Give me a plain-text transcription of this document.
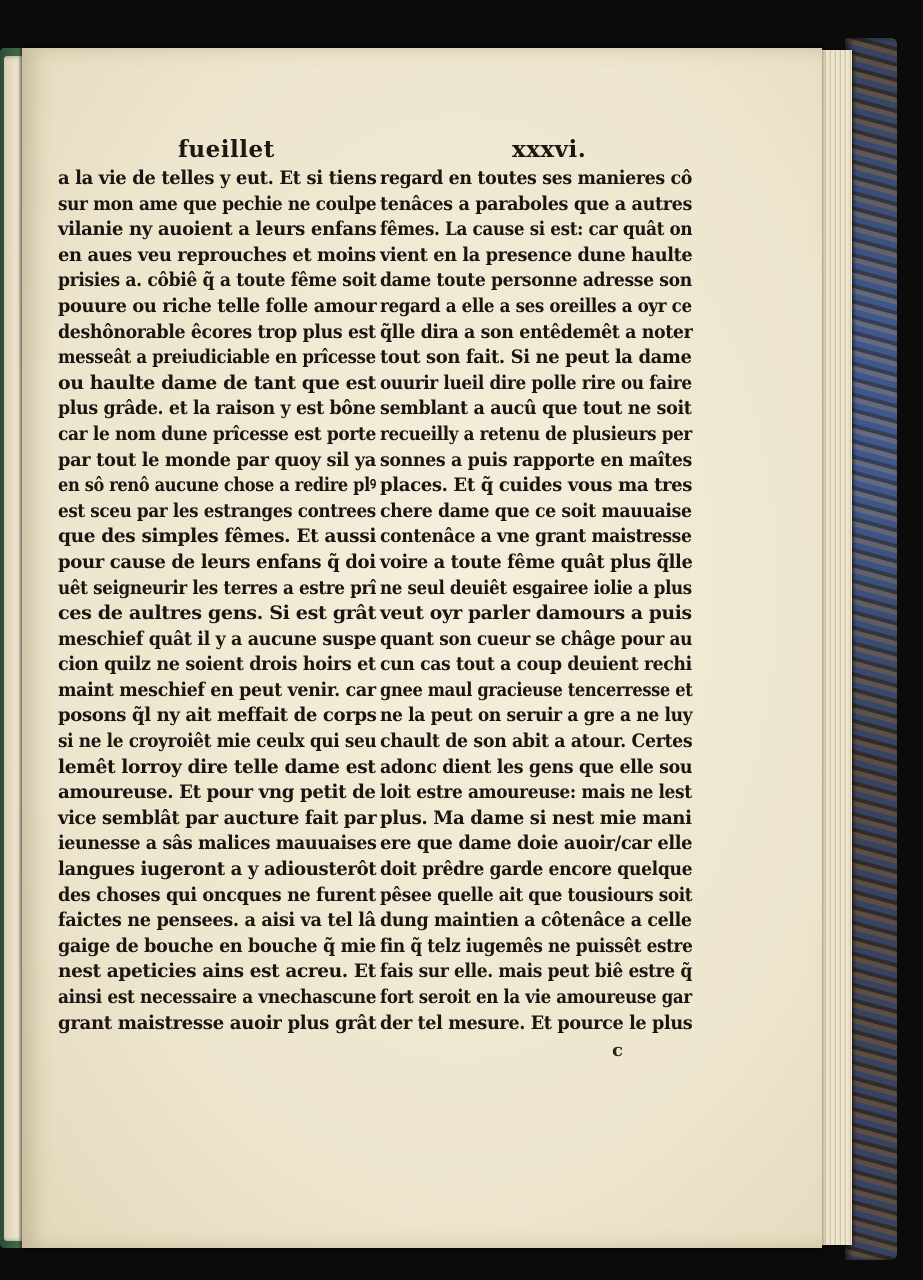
fueillet	xxxvi.
a la vie de telles y eut. Et si tiens
sur mon ame que pechie ne coulpe
vilanie ny auoient a leurs enfans
en aues veu reprouches et moins
prisies a. côbiê q̃ a toute fême soit
pouure ou riche telle folle amour
deshônorable êcores trop plus est
messeât a preiudiciable en prîcesse
ou haulte dame de tant que est
plus grâde. et la raison y est bône
car le nom dune prîcesse est porte
par tout le monde par quoy sil ya
en sô renô aucune chose a redire plꝰ
est sceu par les estranges contrees
que des simples fêmes. Et aussi
pour cause de leurs enfans q̃ doi
uêt seigneurir les terres a estre prî
ces de aultres gens. Si est grât
meschief quât il y a aucune suspe
cion quilz ne soient drois hoirs et
maint meschief en peut venir. car
posons q̃l ny ait meffait de corps
si ne le croyroiêt mie ceulx qui seu
lemêt lorroy dire telle dame est
amoureuse. Et pour vng petit de
vice semblât par aucture fait par
ieunesse a sâs malices mauuaises
langues iugeront a y adiousterôt
des choses qui oncques ne furent
faictes ne pensees. a aisi va tel lâ
gaige de bouche en bouche q̃ mie
nest apeticies ains est acreu. Et
ainsi est necessaire a vnechascune
grant maistresse auoir plus grât
regard en toutes ses manieres cô
tenâces a paraboles que a autres
fêmes. La cause si est: car quât on
vient en la presence dune haulte
dame toute personne adresse son
regard a elle a ses oreilles a oyr ce
q̃lle dira a son entêdemêt a noter
tout son fait. Si ne peut la dame
ouurir lueil dire polle rire ou faire
semblant a aucû que tout ne soit
recueilly a retenu de plusieurs per
sonnes a puis rapporte en maîtes
places. Et q̃ cuides vous ma tres
chere dame que ce soit mauuaise
contenâce a vne grant maistresse
voire a toute fême quât plus q̃lle
ne seul deuiêt esgairee iolie a plus
veut oyr parler damours a puis
quant son cueur se châge pour au
cun cas tout a coup deuient rechi
gnee maul gracieuse tencerresse et
ne la peut on seruir a gre a ne luy
chault de son abit a atour. Certes
adonc dient les gens que elle sou
loit estre amoureuse: mais ne lest
plus. Ma dame si nest mie mani
ere que dame doie auoir/car elle
doit prêdre garde encore quelque
pêsee quelle ait que tousiours soit
dung maintien a côtenâce a celle
fin q̃ telz iugemês ne puissêt estre
fais sur elle. mais peut biê estre q̃
fort seroit en la vie amoureuse gar
der tel mesure. Et pource le plus
c
